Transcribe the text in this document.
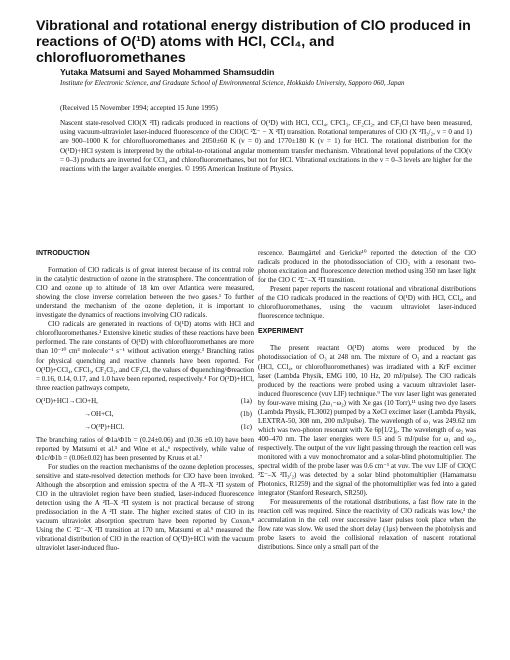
Vibrational and rotational energy distribution of ClO produced in reactions of O(¹D) atoms with HCl, CCl₄, and chlorofluoromethanes
Yutaka Matsumi and Sayed Mohammed Shamsuddin
Institute for Electronic Science, and Graduate School of Environmental Science, Hokkaido University, Sapporo 060, Japan
(Received 15 November 1994; accepted 15 June 1995)
Nascent state-resolved ClO(X ²Π) radicals produced in reactions of O(¹D) with HCl, CCl₄, CFCl₃, CF₂Cl₂, and CF₃Cl have been measured, using vacuum-ultraviolet laser-induced fluorescence of the ClO(C ²Σ⁻ − X ²Π) transition. Rotational temperatures of ClO (X ²Π₃/₂, v = 0 and 1) are 900–1000 K for chlorofluoromethanes and 2050±60 K (v = 0) and 1770±180 K (v = 1) for HCl. The rotational distribution for the O(¹D)+HCl system is interpreted by the orbital-to-rotational angular momentum transfer mechanism. Vibrational level populations of the ClO(v = 0–3) products are inverted for CCl₄ and chlorofluoromethanes, but not for HCl. Vibrational excitations in the v = 0–3 levels are higher for the reactions with the larger available energies. © 1995 American Institute of Physics.
INTRODUCTION

Formation of ClO radicals is of great interest because of its central role in the catalytic destruction of ozone in the stratosphere. The concentration of ClO and ozone up to altitude of 18 km over Atlantica were measured, showing the close inverse correlation between the two gases.¹ To further understand the mechanism of the ozone depletion, it is important to investigate the dynamics of reactions involving ClO radicals.

ClO radicals are generated in reactions of O(¹D) atoms with HCl and chlorofluoromethanes.² Extensive kinetic studies of these reactions have been performed. The rate constants of O(¹D) with chlorofluoromethanes are more than 10⁻¹⁰ cm³ molecule⁻¹ s⁻¹ without activation energy.³ Branching ratios for physical quenching and reactive channels have been reported. For O(¹D)+CCl₄, CFCl₃, CF₂Cl₂, and CF₃Cl, the values of Φquenching/Φreaction = 0.16, 0.14, 0.17, and 1.0 have been reported, respectively.⁴ For O(¹D)+HCl, three reaction pathways compete,

O(¹D)+HCl→ClO+H,	(1a)
→OH+Cl,	(1b)
→O(³P)+HCl.	(1c)

The branching ratios of Φ1a/Φ1b = (0.24±0.06) and (0.36 ±0.10) have been reported by Matsumi et al.⁵ and Wine et al.,⁶ respectively, while value of Φ1c/Φ1b = (0.06±0.02) has been presented by Kruus et al.⁷

For studies on the reaction mechanisms of the ozone depletion processes, sensitive and state-resolved detection methods for ClO have been invoked. Although the absorption and emission spectra of the A ²Π–X ²Π system of ClO in the ultraviolet region have been studied, laser-induced fluorescence detection using the A ²Π–X ²Π system is not practical because of strong predissociation in the A ²Π state. The higher excited states of ClO in its vacuum ultraviolet absorption spectrum have been reported by Coxon.⁸ Using the C ²Σ⁻–X ²Π transition at 170 nm, Matsumi et al.⁹ measured the vibrational distribution of ClO in the reaction of O(¹D)+HCl with the vacuum ultraviolet laser-induced fluo-

rescence. Baumgärtel and Gericke¹⁰ reported the detection of the ClO radicals produced in the photodissociation of ClO₂ with a resonant two-photon excitation and fluorescence detection method using 350 nm laser light for the ClO C ²Σ⁻–X ²Π transition.

Present paper reports the nascent rotational and vibrational distributions of the ClO radicals produced in the reactions of O(¹D) with HCl, CCl₄, and chlorofluoromethanes, using the vacuum ultraviolet laser-induced fluorescence technique.

EXPERIMENT

The present reactant O(¹D) atoms were produced by the photodissociation of O₃ at 248 nm. The mixture of O₃ and a reactant gas (HCl, CCl₄, or chlorofluoromethanes) was irradiated with a KrF excimer laser (Lambda Physik, EMG 100, 10 Hz, 20 mJ/pulse). The ClO radicals produced by the reactions were probed using a vacuum ultraviolet laser-induced fluorescence (vuv LIF) technique.⁹ The vuv laser light was generated by four-wave mixing (2ω₁−ω₂) with Xe gas (10 Torr),¹¹ using two dye lasers (Lambda Physik, FL3002) pumped by a XeCl excimer laser (Lambda Physik, LEXTRA-50, 308 nm, 200 mJ/pulse). The wavelength of ω₁ was 249.62 nm which was two-photon resonant with Xe 6p[1/2]₀. The wavelength of ω₂ was 400–470 nm. The laser energies were 0.5 and 5 mJ/pulse for ω₁ and ω₂, respectively. The output of the vuv light passing through the reaction cell was monitored with a vuv monochromator and a solar-blind photomultiplier. The spectral width of the probe laser was 0.6 cm⁻¹ at vuv. The vuv LIF of ClO(C ²Σ⁻–X ²Π₃/₂) was detected by a solar blind photomultiplier (Hamamatsu Photonics, R1259) and the signal of the photomultiplier was fed into a gated integrator (Stanford Research, SR250).

For measurements of the rotational distributions, a fast flow rate in the reaction cell was required. Since the reactivity of ClO radicals was low,³ the accumulation in the cell over successive laser pulses took place when the flow rate was slow. We used the short delay (1μs) between the photolysis and probe lasers to avoid the collisional relaxation of nascent rotational distributions. Since only a small part of the
